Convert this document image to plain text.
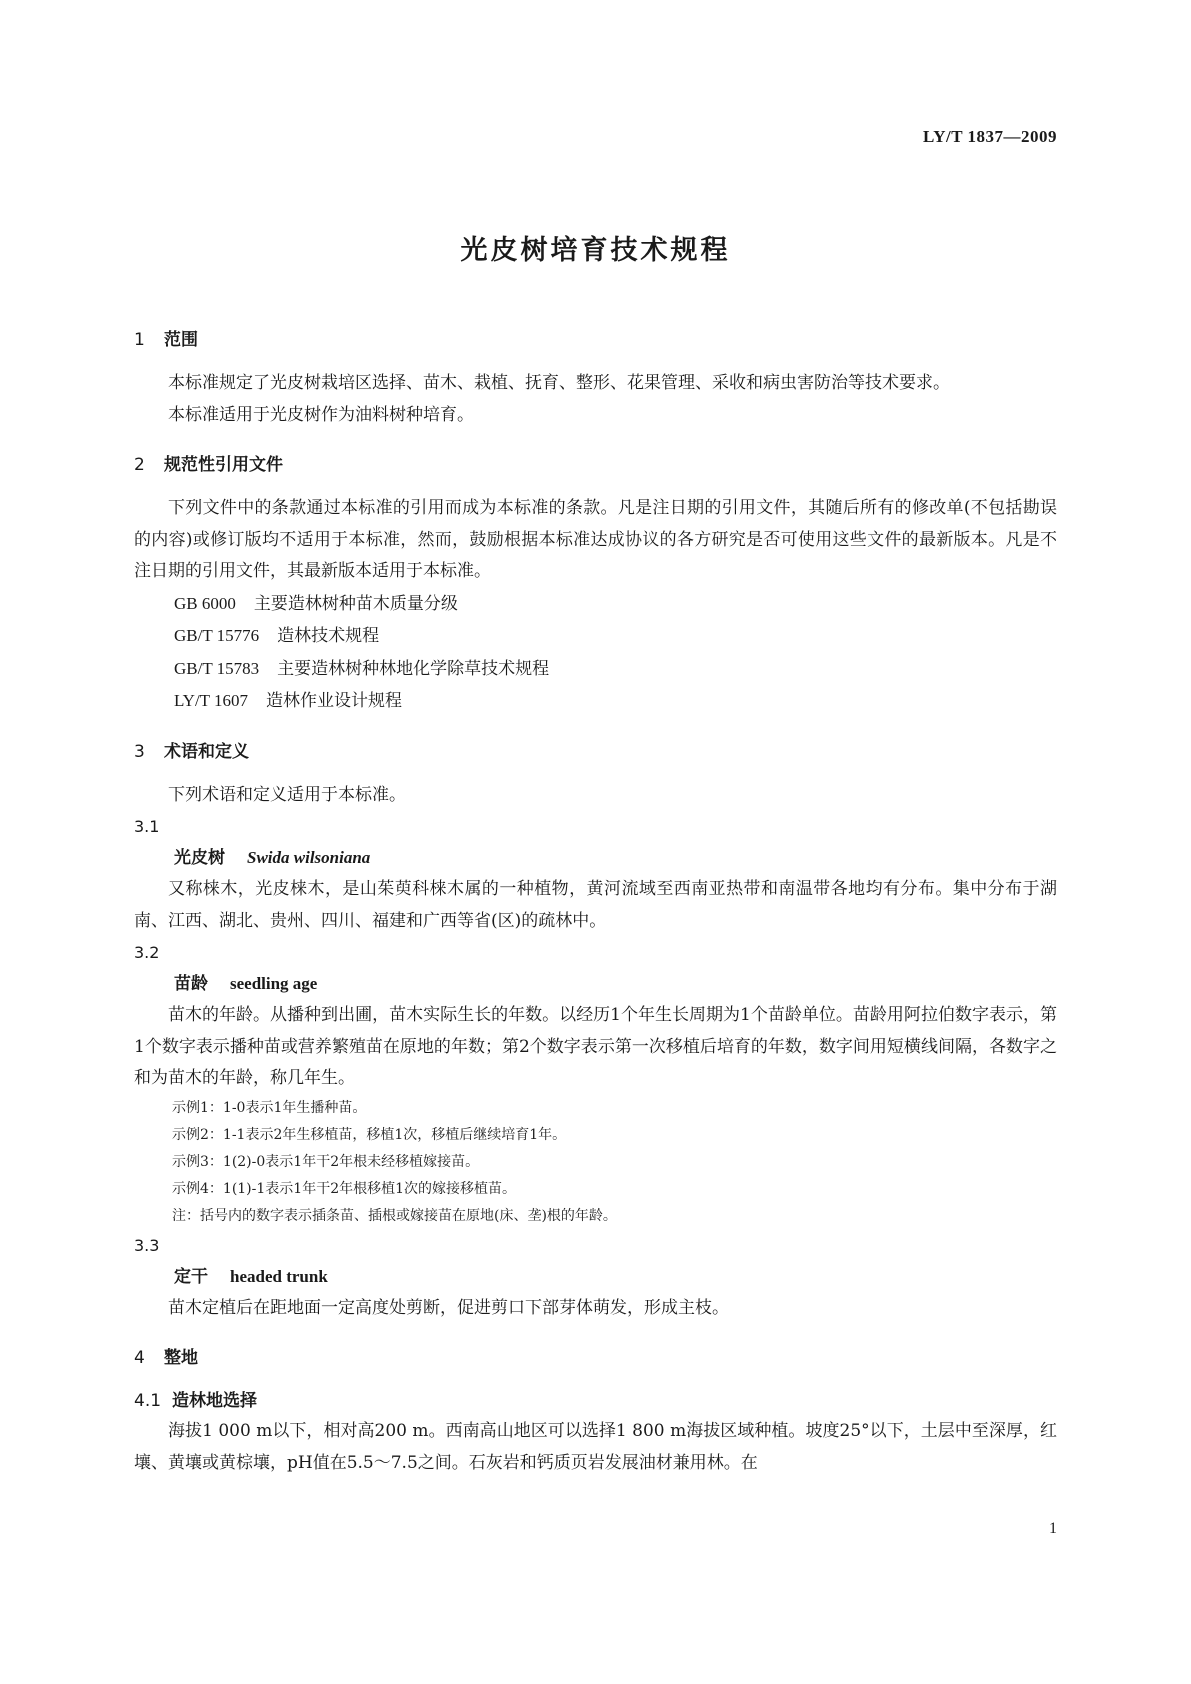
LY/T 1837—2009
光皮树培育技术规程
1 范围

本标准规定了光皮树栽培区选择、苗木、栽植、抚育、整形、花果管理、采收和病虫害防治等技术要求。

本标准适用于光皮树作为油料树种培育。

2 规范性引用文件

下列文件中的条款通过本标准的引用而成为本标准的条款。凡是注日期的引用文件，其随后所有的修改单(不包括勘误的内容)或修订版均不适用于本标准，然而，鼓励根据本标准达成协议的各方研究是否可使用这些文件的最新版本。凡是不注日期的引用文件，其最新版本适用于本标准。

GB 6000 主要造林树种苗木质量分级

GB/T 15776 造林技术规程

GB/T 15783 主要造林树种林地化学除草技术规程

LY/T 1607 造林作业设计规程

3 术语和定义

下列术语和定义适用于本标准。

3.1

光皮树 Swida wilsoniana

又称梾木，光皮梾木，是山茱萸科梾木属的一种植物，黄河流域至西南亚热带和南温带各地均有分布。集中分布于湖南、江西、湖北、贵州、四川、福建和广西等省(区)的疏林中。

3.2

苗龄 seedling age

苗木的年龄。从播种到出圃，苗木实际生长的年数。以经历1个年生长周期为1个苗龄单位。苗龄用阿拉伯数字表示，第1个数字表示播种苗或营养繁殖苗在原地的年数；第2个数字表示第一次移植后培育的年数，数字间用短横线间隔，各数字之和为苗木的年龄，称几年生。

示例1：1-0表示1年生播种苗。

示例2：1-1表示2年生移植苗，移植1次，移植后继续培育1年。

示例3：1(2)-0表示1年干2年根未经移植嫁接苗。

示例4：1(1)-1表示1年干2年根移植1次的嫁接移植苗。

注：括号内的数字表示插条苗、插根或嫁接苗在原地(床、垄)根的年龄。

3.3

定干 headed trunk

苗木定植后在距地面一定高度处剪断，促进剪口下部芽体萌发，形成主枝。

4 整地
4.1 造林地选择

海拔1 000 m以下，相对高200 m。西南高山地区可以选择1 800 m海拔区域种植。坡度25°以下，土层中至深厚，红壤、黄壤或黄棕壤，pH值在5.5～7.5之间。石灰岩和钙质页岩发展油材兼用林。在

1
